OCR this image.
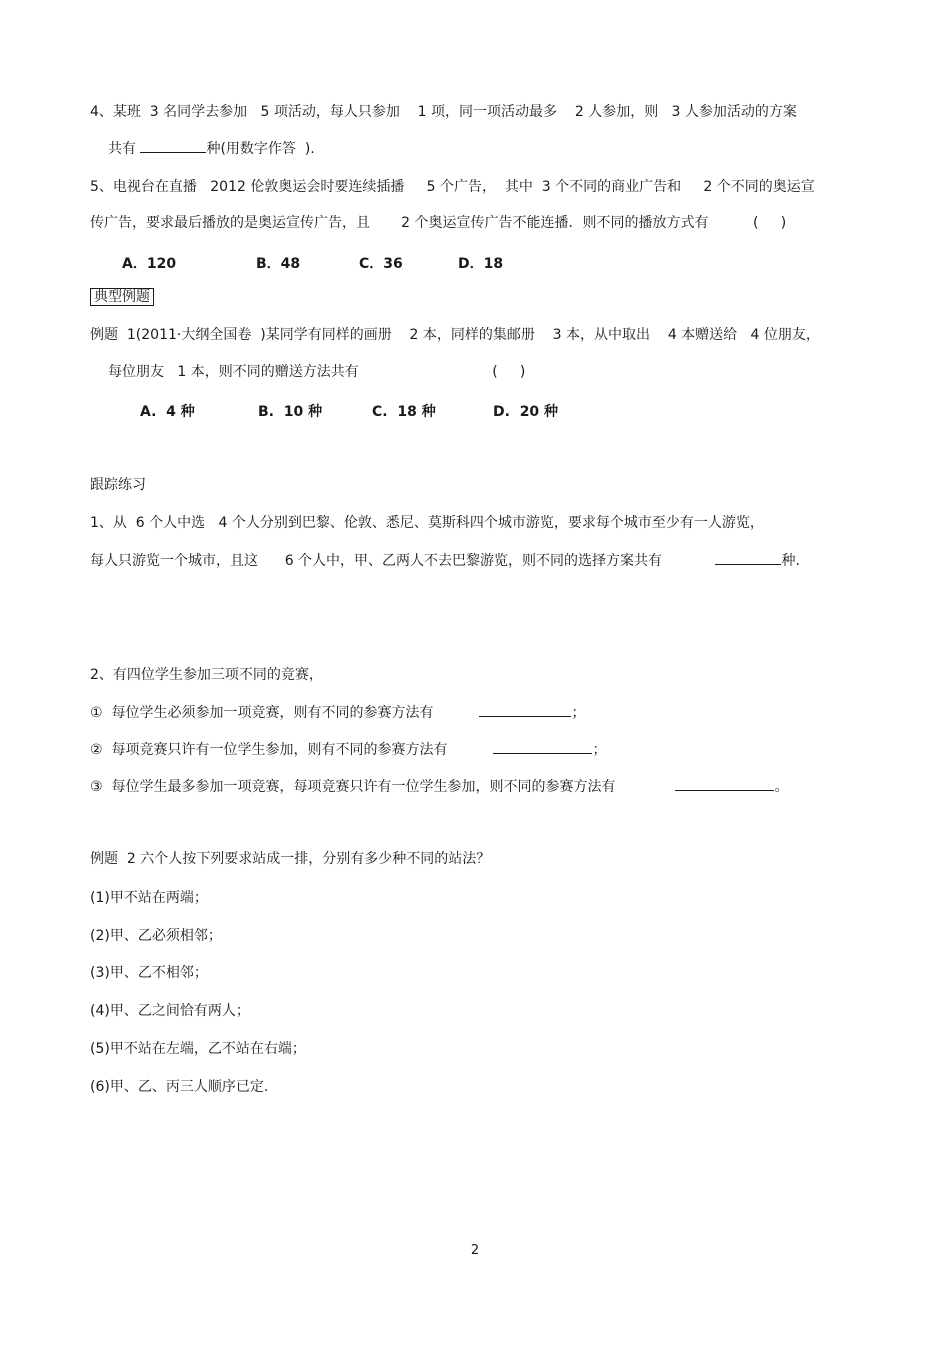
4、某班  3 名同学去参加   5 项活动，每人只参加    1 项，同一项活动最多    2 人参加，则   3 人参加活动的方案
共有	种(用数字作答  ).
5、电视台在直播   2012 伦敦奥运会时要连续插播     5 个广告，  其中  3 个不同的商业广告和     2 个不同的奥运宣
传广告，要求最后播放的是奥运宣传广告，且       2 个奥运宣传广告不能连播．则不同的播放方式有          (     )
A．120	B．48	C．36	D．18
典型例题
例题  1(2011·大纲全国卷  )某同学有同样的画册    2 本，同样的集邮册    3 本，从中取出    4 本赠送给   4 位朋友，
每位朋友   1 本，则不同的赠送方法共有                              (     )
A.  4 种	B.  10 种	C.  18 种	D.  20 种
跟踪练习
1、从  6 个人中选   4 个人分别到巴黎、伦敦、悉尼、莫斯科四个城市游览，要求每个城市至少有一人游览，
每人只游览一个城市，且这      6 个人中，甲、乙两人不去巴黎游览，则不同的选择方案共有	种.
2、有四位学生参加三项不同的竞赛，
①  每位学生必须参加一项竞赛，则有不同的参赛方法有	；
②  每项竞赛只许有一位学生参加，则有不同的参赛方法有	；
③  每位学生最多参加一项竞赛，每项竞赛只许有一位学生参加，则不同的参赛方法有	。
例题  2 六个人按下列要求站成一排，分别有多少种不同的站法？
(1)甲不站在两端；
(2)甲、乙必须相邻；
(3)甲、乙不相邻；
(4)甲、乙之间恰有两人；
(5)甲不站在左端，乙不站在右端；
(6)甲、乙、丙三人顺序已定.
2
